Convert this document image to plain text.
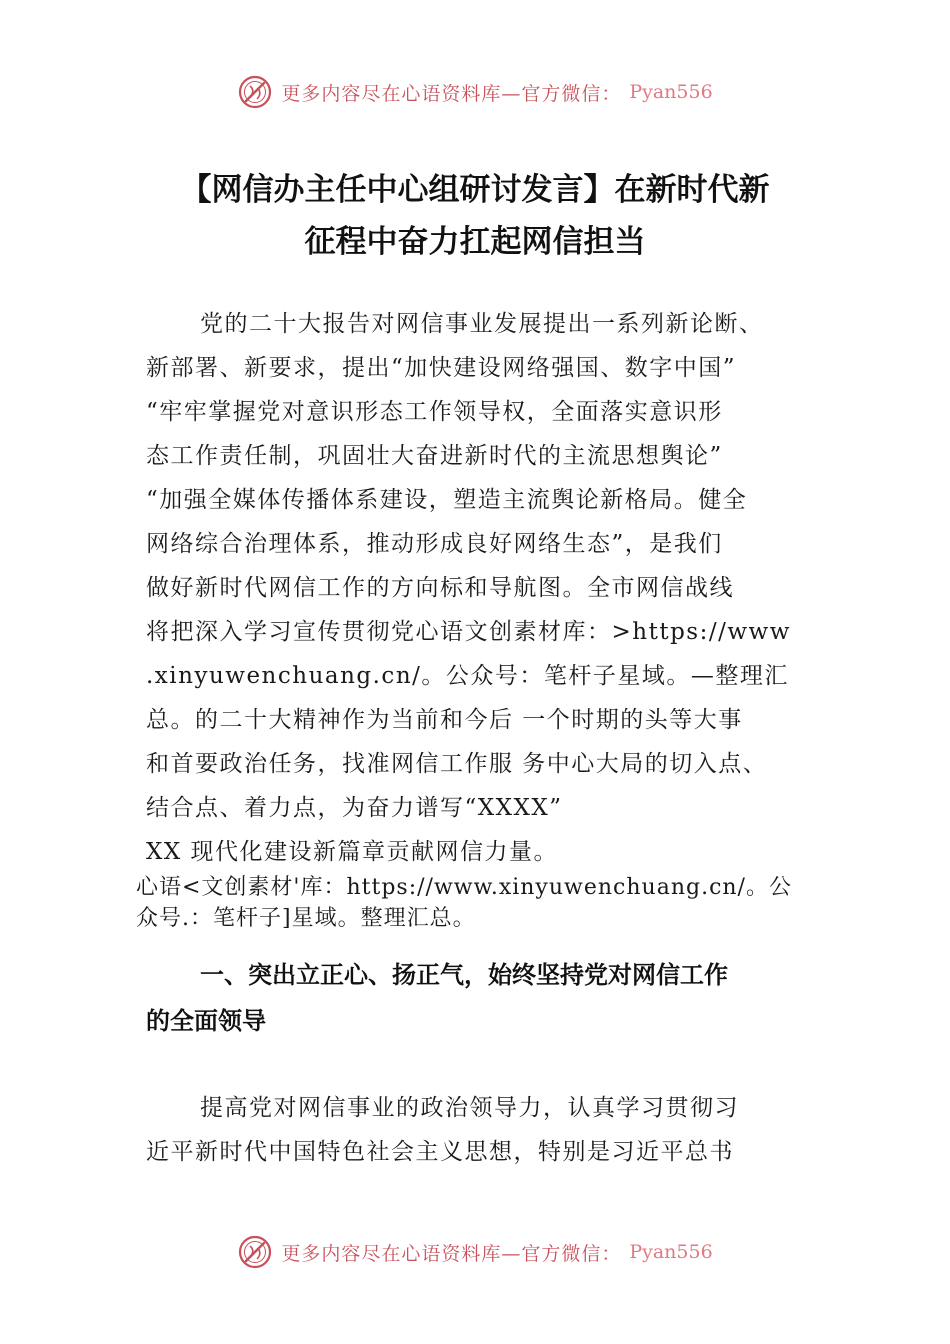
更多内容尽在心语资料库—官方微信： Pyan556
【网信办主任中心组研讨发言】在新时代新
征程中奋力扛起网信担当
党的二十大报告对网信事业发展提出一系列新论断、
新部署、新要求，提出“加快建设网络强国、数字中国”
“牢牢掌握党对意识形态工作领导权，全面落实意识形
态工作责任制，巩固壮大奋进新时代的主流思想舆论”
“加强全媒体传播体系建设，塑造主流舆论新格局。健全
网络综合治理体系，推动形成良好网络生态”，是我们
做好新时代网信工作的方向标和导航图。全市网信战线
将把深入学习宣传贯彻党心语文创素材库：>https://www
.xinyuwenchuang.cn/。公众号：笔杆子星域。—整理汇
总。的二十大精神作为当前和今后 一个时期的头等大事
和首要政治任务，找准网信工作服 务中心大局的切入点、
结合点、着力点，为奋力谱写“XXXX”
XX 现代化建设新篇章贡献网信力量。
心语<文创素材'库：https://www.xinyuwenchuang.cn/。公
众号.：笔杆子]星域。整理汇总。
一、突出立正心、扬正气，始终坚持党对网信工作
的全面领导
提高党对网信事业的政治领导力，认真学习贯彻习
近平新时代中国特色社会主义思想，特别是习近平总书
更多内容尽在心语资料库—官方微信： Pyan556
